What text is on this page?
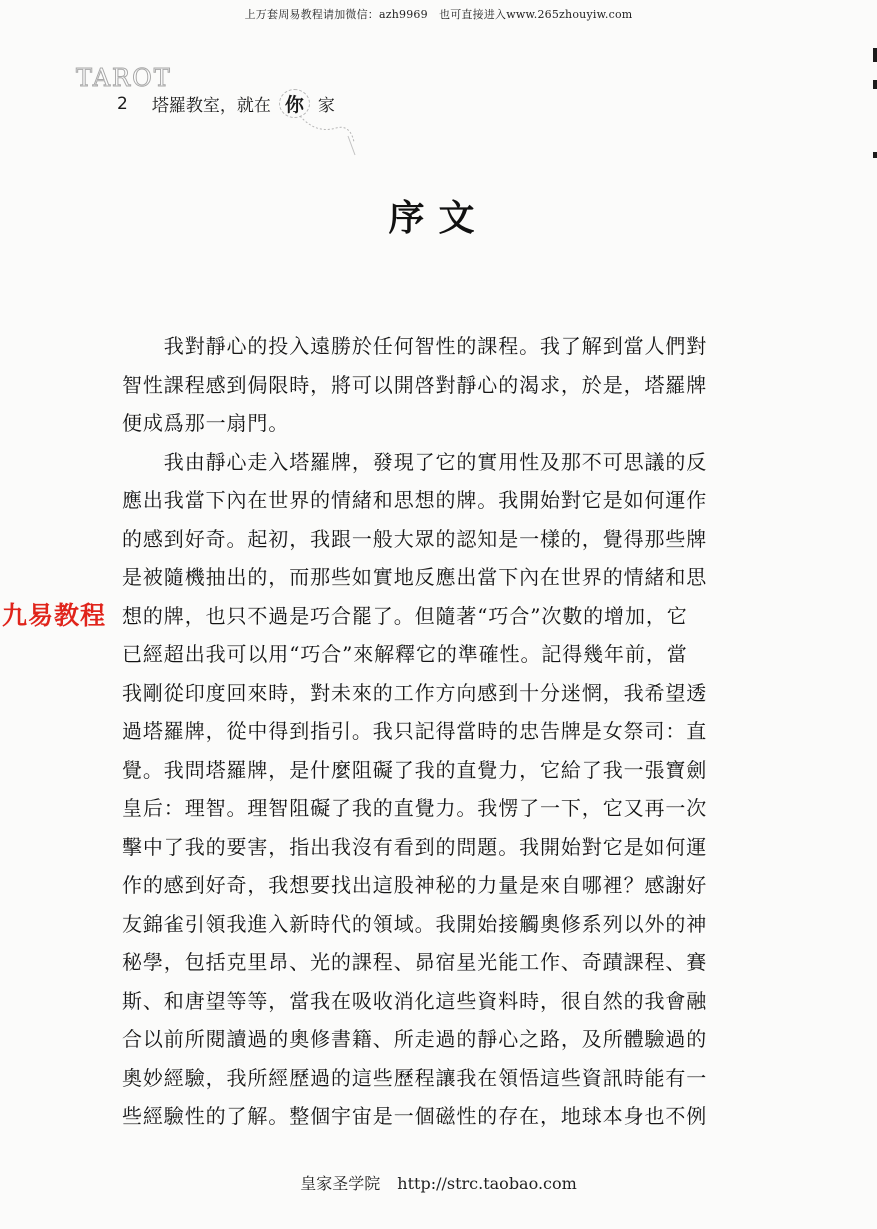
上万套周易教程请加微信：azh9969　也可直接进入www.265zhouyiw.com
TAROT
2 塔羅教室，就在 你 家
序文

　　我對靜心的投入遠勝於任何智性的課程。我了解到當人們對
智性課程感到侷限時，將可以開啓對靜心的渴求，於是，塔羅牌
便成爲那一扇門。

　　我由靜心走入塔羅牌，發現了它的實用性及那不可思議的反
應出我當下內在世界的情緒和思想的牌。我開始對它是如何運作
的感到好奇。起初，我跟一般大眾的認知是一樣的，覺得那些牌
是被隨機抽出的，而那些如實地反應出當下內在世界的情緒和思
想的牌，也只不過是巧合罷了。但隨著“巧合”次數的增加，它
已經超出我可以用“巧合”來解釋它的準確性。記得幾年前，當
我剛從印度回來時，對未來的工作方向感到十分迷惘，我希望透
過塔羅牌，從中得到指引。我只記得當時的忠告牌是女祭司：直
覺。我問塔羅牌，是什麼阻礙了我的直覺力，它給了我一張寶劍
皇后：理智。理智阻礙了我的直覺力。我愣了一下，它又再一次
擊中了我的要害，指出我沒有看到的問題。我開始對它是如何運
作的感到好奇，我想要找出這股神秘的力量是來自哪裡？感謝好
友錦雀引領我進入新時代的領域。我開始接觸奧修系列以外的神
秘學，包括克里昂、光的課程、昴宿星光能工作、奇蹟課程、賽
斯、和唐望等等，當我在吸收消化這些資料時，很自然的我會融
合以前所閱讀過的奧修書籍、所走過的靜心之路，及所體驗過的
奧妙經驗，我所經歷過的這些歷程讓我在領悟這些資訊時能有一
些經驗性的了解。整個宇宙是一個磁性的存在，地球本身也不例

九易教程
皇家圣学院 http://strc.taobao.com
